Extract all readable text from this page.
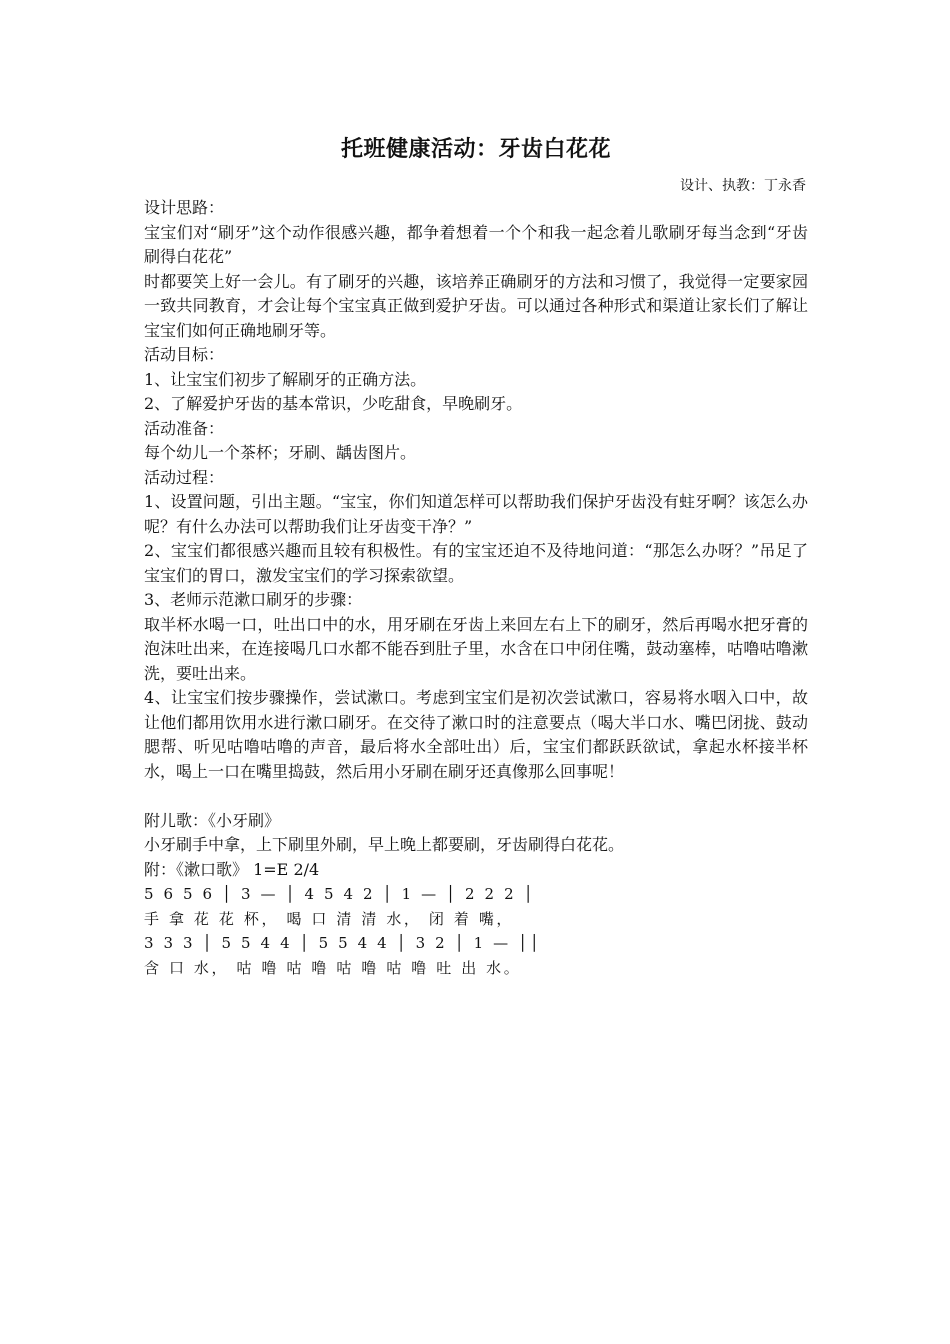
托班健康活动：牙齿白花花

设计、执教：丁永香

设计思路：

宝宝们对“刷牙”这个动作很感兴趣，都争着想着一个个和我一起念着儿歌刷牙每当念到“牙齿刷得白花花”

时都要笑上好一会儿。有了刷牙的兴趣，该培养正确刷牙的方法和习惯了，我觉得一定要家园一致共同教育，才会让每个宝宝真正做到爱护牙齿。可以通过各种形式和渠道让家长们了解让宝宝们如何正确地刷牙等。

活动目标：

1、让宝宝们初步了解刷牙的正确方法。

2、了解爱护牙齿的基本常识，少吃甜食，早晚刷牙。

活动准备：

每个幼儿一个茶杯；牙刷、龋齿图片。

活动过程：

1、设置问题，引出主题。“宝宝，你们知道怎样可以帮助我们保护牙齿没有蛀牙啊？该怎么办呢？有什么办法可以帮助我们让牙齿变干净？”

2、宝宝们都很感兴趣而且较有积极性。有的宝宝还迫不及待地问道：“那怎么办呀？”吊足了宝宝们的胃口，激发宝宝们的学习探索欲望。

3、老师示范漱口刷牙的步骤：

取半杯水喝一口，吐出口中的水，用牙刷在牙齿上来回左右上下的刷牙，然后再喝水把牙膏的泡沫吐出来，在连接喝几口水都不能吞到肚子里，水含在口中闭住嘴，鼓动塞棒，咕噜咕噜漱洗，要吐出来。

4、让宝宝们按步骤操作，尝试漱口。考虑到宝宝们是初次尝试漱口，容易将水咽入口中，故让他们都用饮用水进行漱口刷牙。在交待了漱口时的注意要点（喝大半口水、嘴巴闭拢、鼓动腮帮、听见咕噜咕噜的声音，最后将水全部吐出）后，宝宝们都跃跃欲试，拿起水杯接半杯水，喝上一口在嘴里捣鼓，然后用小牙刷在刷牙还真像那么回事呢！

附儿歌：《小牙刷》

小牙刷手中拿，上下刷里外刷，早上晚上都要刷，牙齿刷得白花花。

附：《漱口歌》 1=E 2/4

5 6 5 6 │ 3 — │ 4 5 4 2 │ 1 — │ 2 2 2 │

手 拿 花 花 杯， 喝 口 清 清 水， 闭 着 嘴，

3 3 3 │ 5 5 4 4 │ 5 5 4 4 │ 3 2 │ 1 — ││

含 口 水， 咕 噜 咕 噜 咕 噜 咕 噜 吐 出 水。
